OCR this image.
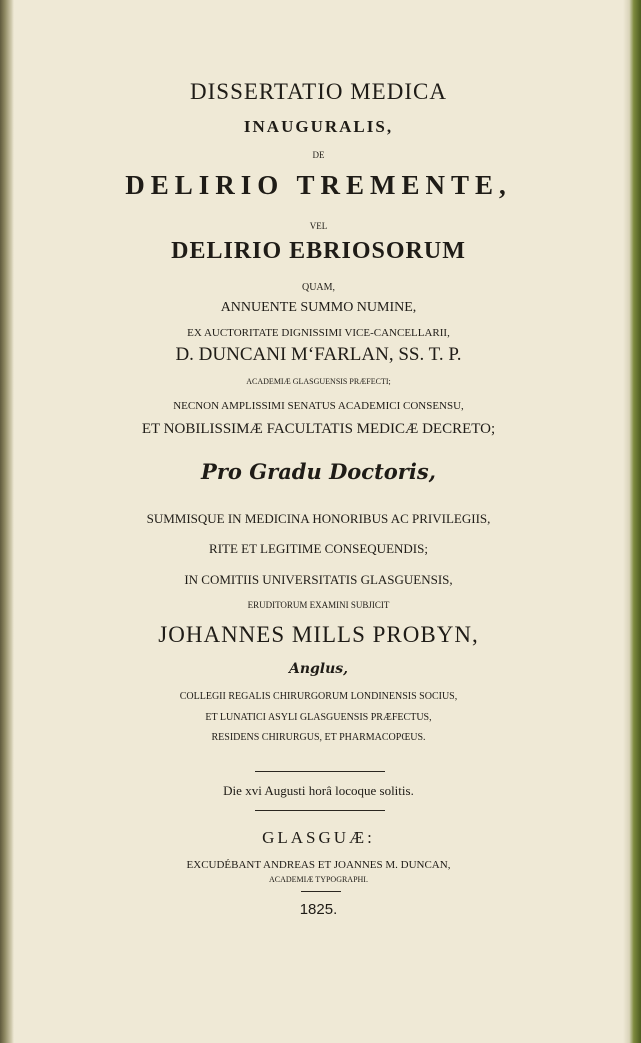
DISSERTATIO MEDICA

INAUGURALIS,

DE

DELIRIO TREMENTE,

VEL

DELIRIO EBRIOSORUM

QUAM,

ANNUENTE SUMMO NUMINE,

EX AUCTORITATE DIGNISSIMI VICE-CANCELLARII,

D. DUNCANI M‘FARLAN, SS. T. P.

ACADEMIÆ GLASGUENSIS PRÆFECTI;

NECNON AMPLISSIMI SENATUS ACADEMICI CONSENSU,

ET NOBILISSIMÆ FACULTATIS MEDICÆ DECRETO;

Pro Gradu Doctoris,

SUMMISQUE IN MEDICINA HONORIBUS AC PRIVILEGIIS,

RITE ET LEGITIME CONSEQUENDIS;

IN COMITIIS UNIVERSITATIS GLASGUENSIS,

ERUDITORUM EXAMINI SUBJICIT

JOHANNES MILLS PROBYN,

Anglus,

COLLEGII REGALIS CHIRURGORUM LONDINENSIS SOCIUS,

ET LUNATICI ASYLI GLASGUENSIS PRÆFECTUS,

RESIDENS CHIRURGUS, ET PHARMACOPŒUS.

Die xvi Augusti horâ locoque solitis.

GLASGUÆ:

EXCUDÉBANT ANDREAS ET JOANNES M. DUNCAN,

ACADEMIÆ TYPOGRAPHI.

1825.
